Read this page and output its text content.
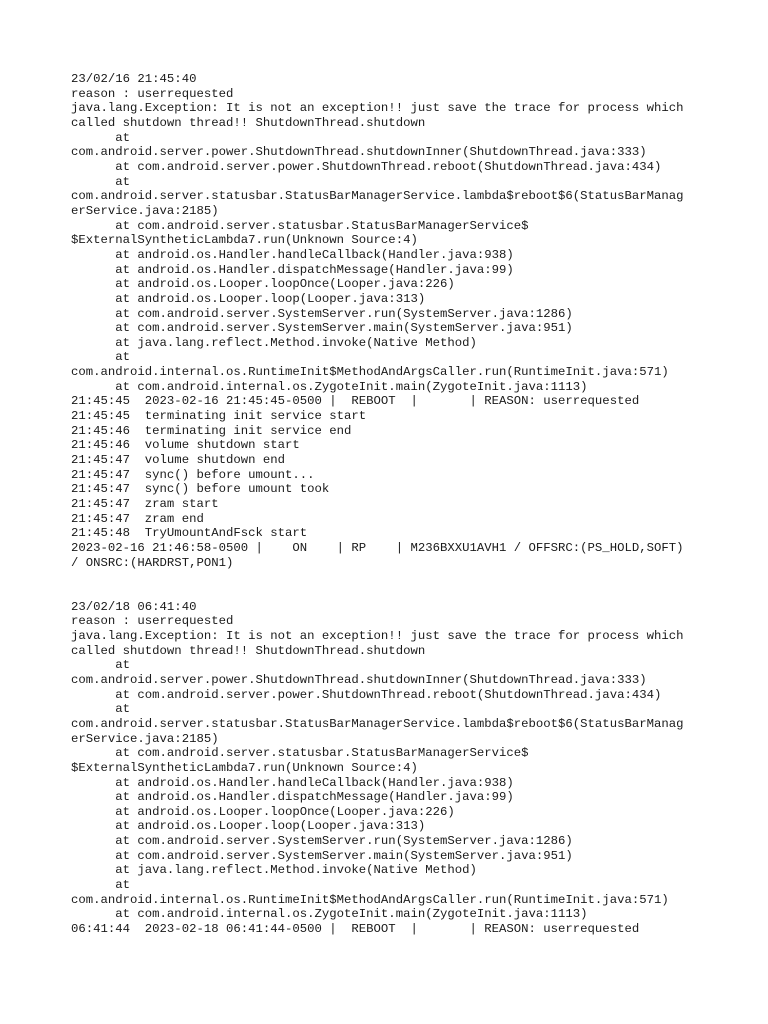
23/02/16 21:45:40
reason : userrequested
java.lang.Exception: It is not an exception!! just save the trace for process which
called shutdown thread!! ShutdownThread.shutdown
at
com.android.server.power.ShutdownThread.shutdownInner(ShutdownThread.java:333)
at com.android.server.power.ShutdownThread.reboot(ShutdownThread.java:434)
at
com.android.server.statusbar.StatusBarManagerService.lambda$reboot$6(StatusBarManag
erService.java:2185)
at com.android.server.statusbar.StatusBarManagerService$
$ExternalSyntheticLambda7.run(Unknown Source:4)
at android.os.Handler.handleCallback(Handler.java:938)
at android.os.Handler.dispatchMessage(Handler.java:99)
at android.os.Looper.loopOnce(Looper.java:226)
at android.os.Looper.loop(Looper.java:313)
at com.android.server.SystemServer.run(SystemServer.java:1286)
at com.android.server.SystemServer.main(SystemServer.java:951)
at java.lang.reflect.Method.invoke(Native Method)
at
com.android.internal.os.RuntimeInit$MethodAndArgsCaller.run(RuntimeInit.java:571)
at com.android.internal.os.ZygoteInit.main(ZygoteInit.java:1113)
21:45:45  2023-02-16 21:45:45-0500 |  REBOOT  |       | REASON: userrequested
21:45:45  terminating init service start
21:45:46  terminating init service end
21:45:46  volume shutdown start
21:45:47  volume shutdown end
21:45:47  sync() before umount...
21:45:47  sync() before umount took
21:45:47  zram start
21:45:47  zram end
21:45:48  TryUmountAndFsck start
2023-02-16 21:46:58-0500 |    ON    | RP    | M236BXXU1AVH1 / OFFSRC:(PS_HOLD,SOFT)
/ ONSRC:(HARDRST,PON1)
23/02/18 06:41:40
reason : userrequested
java.lang.Exception: It is not an exception!! just save the trace for process which
called shutdown thread!! ShutdownThread.shutdown
at
com.android.server.power.ShutdownThread.shutdownInner(ShutdownThread.java:333)
at com.android.server.power.ShutdownThread.reboot(ShutdownThread.java:434)
at
com.android.server.statusbar.StatusBarManagerService.lambda$reboot$6(StatusBarManag
erService.java:2185)
at com.android.server.statusbar.StatusBarManagerService$
$ExternalSyntheticLambda7.run(Unknown Source:4)
at android.os.Handler.handleCallback(Handler.java:938)
at android.os.Handler.dispatchMessage(Handler.java:99)
at android.os.Looper.loopOnce(Looper.java:226)
at android.os.Looper.loop(Looper.java:313)
at com.android.server.SystemServer.run(SystemServer.java:1286)
at com.android.server.SystemServer.main(SystemServer.java:951)
at java.lang.reflect.Method.invoke(Native Method)
at
com.android.internal.os.RuntimeInit$MethodAndArgsCaller.run(RuntimeInit.java:571)
at com.android.internal.os.ZygoteInit.main(ZygoteInit.java:1113)
06:41:44  2023-02-18 06:41:44-0500 |  REBOOT  |       | REASON: userrequested
